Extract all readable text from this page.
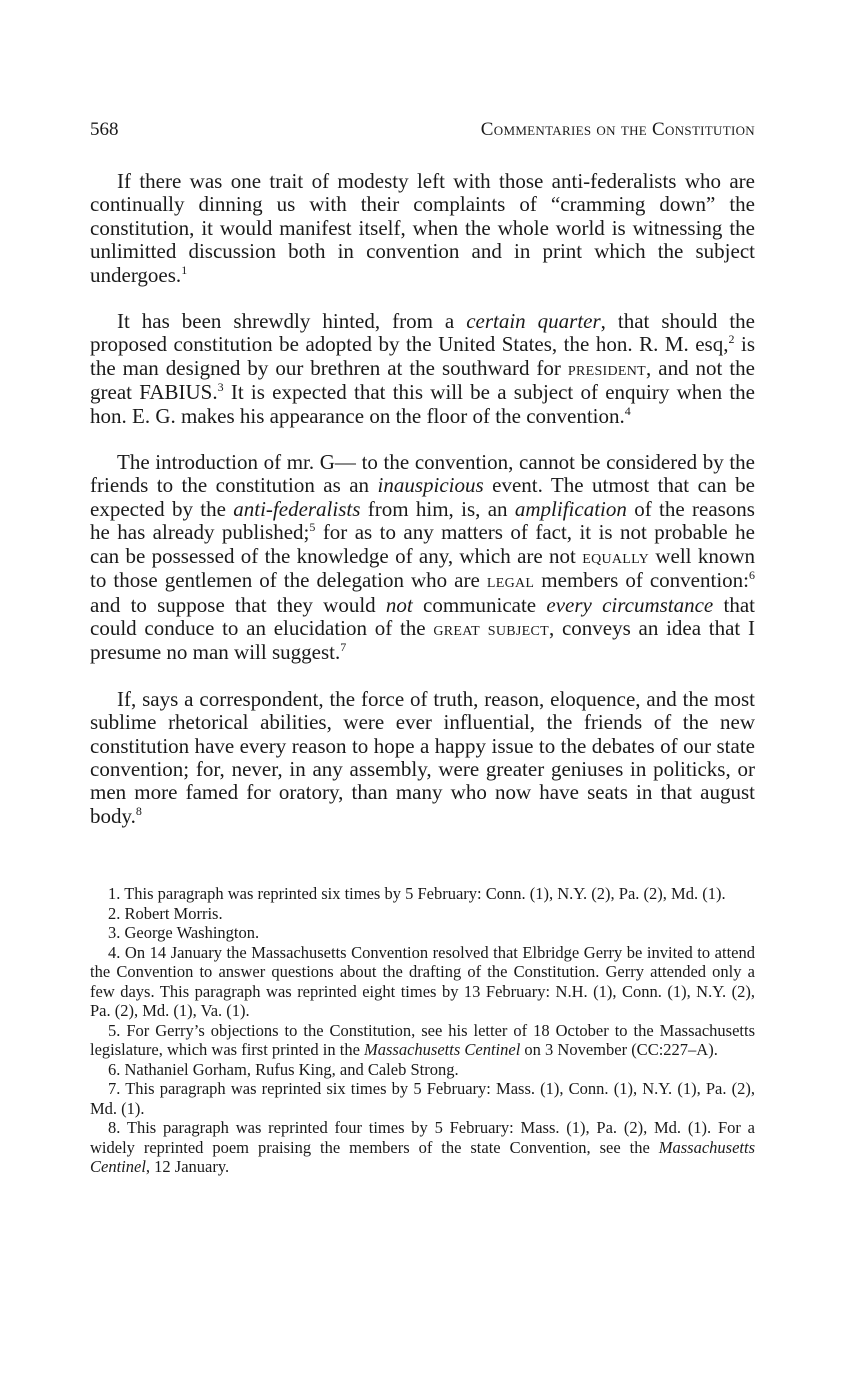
568	Commentaries on the Constitution

If there was one trait of modesty left with those anti-federalists who are continually dinning us with their complaints of “cramming down” the constitution, it would manifest itself, when the whole world is witnessing the unlimitted discussion both in convention and in print which the subject undergoes.$^1$

It has been shrewdly hinted, from a certain quarter, that should the proposed constitution be adopted by the United States, the hon. R. M. esq,$^2$ is the man designed by our brethren at the southward for president, and not the great FABIUS.$^3$ It is expected that this will be a subject of enquiry when the hon. E. G. makes his appearance on the floor of the convention.$^4$

The introduction of mr. G— to the convention, cannot be considered by the friends to the constitution as an inauspicious event. The utmost that can be expected by the anti-federalists from him, is, an amplification of the reasons he has already published;$^5$ for as to any matters of fact, it is not probable he can be possessed of the knowledge of any, which are not equally well known to those gentlemen of the delegation who are legal members of convention:$^6$ and to suppose that they would not communicate every circumstance that could conduce to an elucidation of the great subject, conveys an idea that I presume no man will suggest.$^7$

If, says a correspondent, the force of truth, reason, eloquence, and the most sublime rhetorical abilities, were ever influential, the friends of the new constitution have every reason to hope a happy issue to the debates of our state convention; for, never, in any assembly, were greater geniuses in politicks, or men more famed for oratory, than many who now have seats in that august body.$^8$

1. This paragraph was reprinted six times by 5 February: Conn. (1), N.Y. (2), Pa. (2), Md. (1).

2. Robert Morris.

3. George Washington.

4. On 14 January the Massachusetts Convention resolved that Elbridge Gerry be invited to attend the Convention to answer questions about the drafting of the Constitution. Gerry attended only a few days. This paragraph was reprinted eight times by 13 February: N.H. (1), Conn. (1), N.Y. (2), Pa. (2), Md. (1), Va. (1).

5. For Gerry’s objections to the Constitution, see his letter of 18 October to the Massachusetts legislature, which was first printed in the Massachusetts Centinel on 3 November (CC:227–A).

6. Nathaniel Gorham, Rufus King, and Caleb Strong.

7. This paragraph was reprinted six times by 5 February: Mass. (1), Conn. (1), N.Y. (1), Pa. (2), Md. (1).

8. This paragraph was reprinted four times by 5 February: Mass. (1), Pa. (2), Md. (1). For a widely reprinted poem praising the members of the state Convention, see the Massachusetts Centinel, 12 January.
